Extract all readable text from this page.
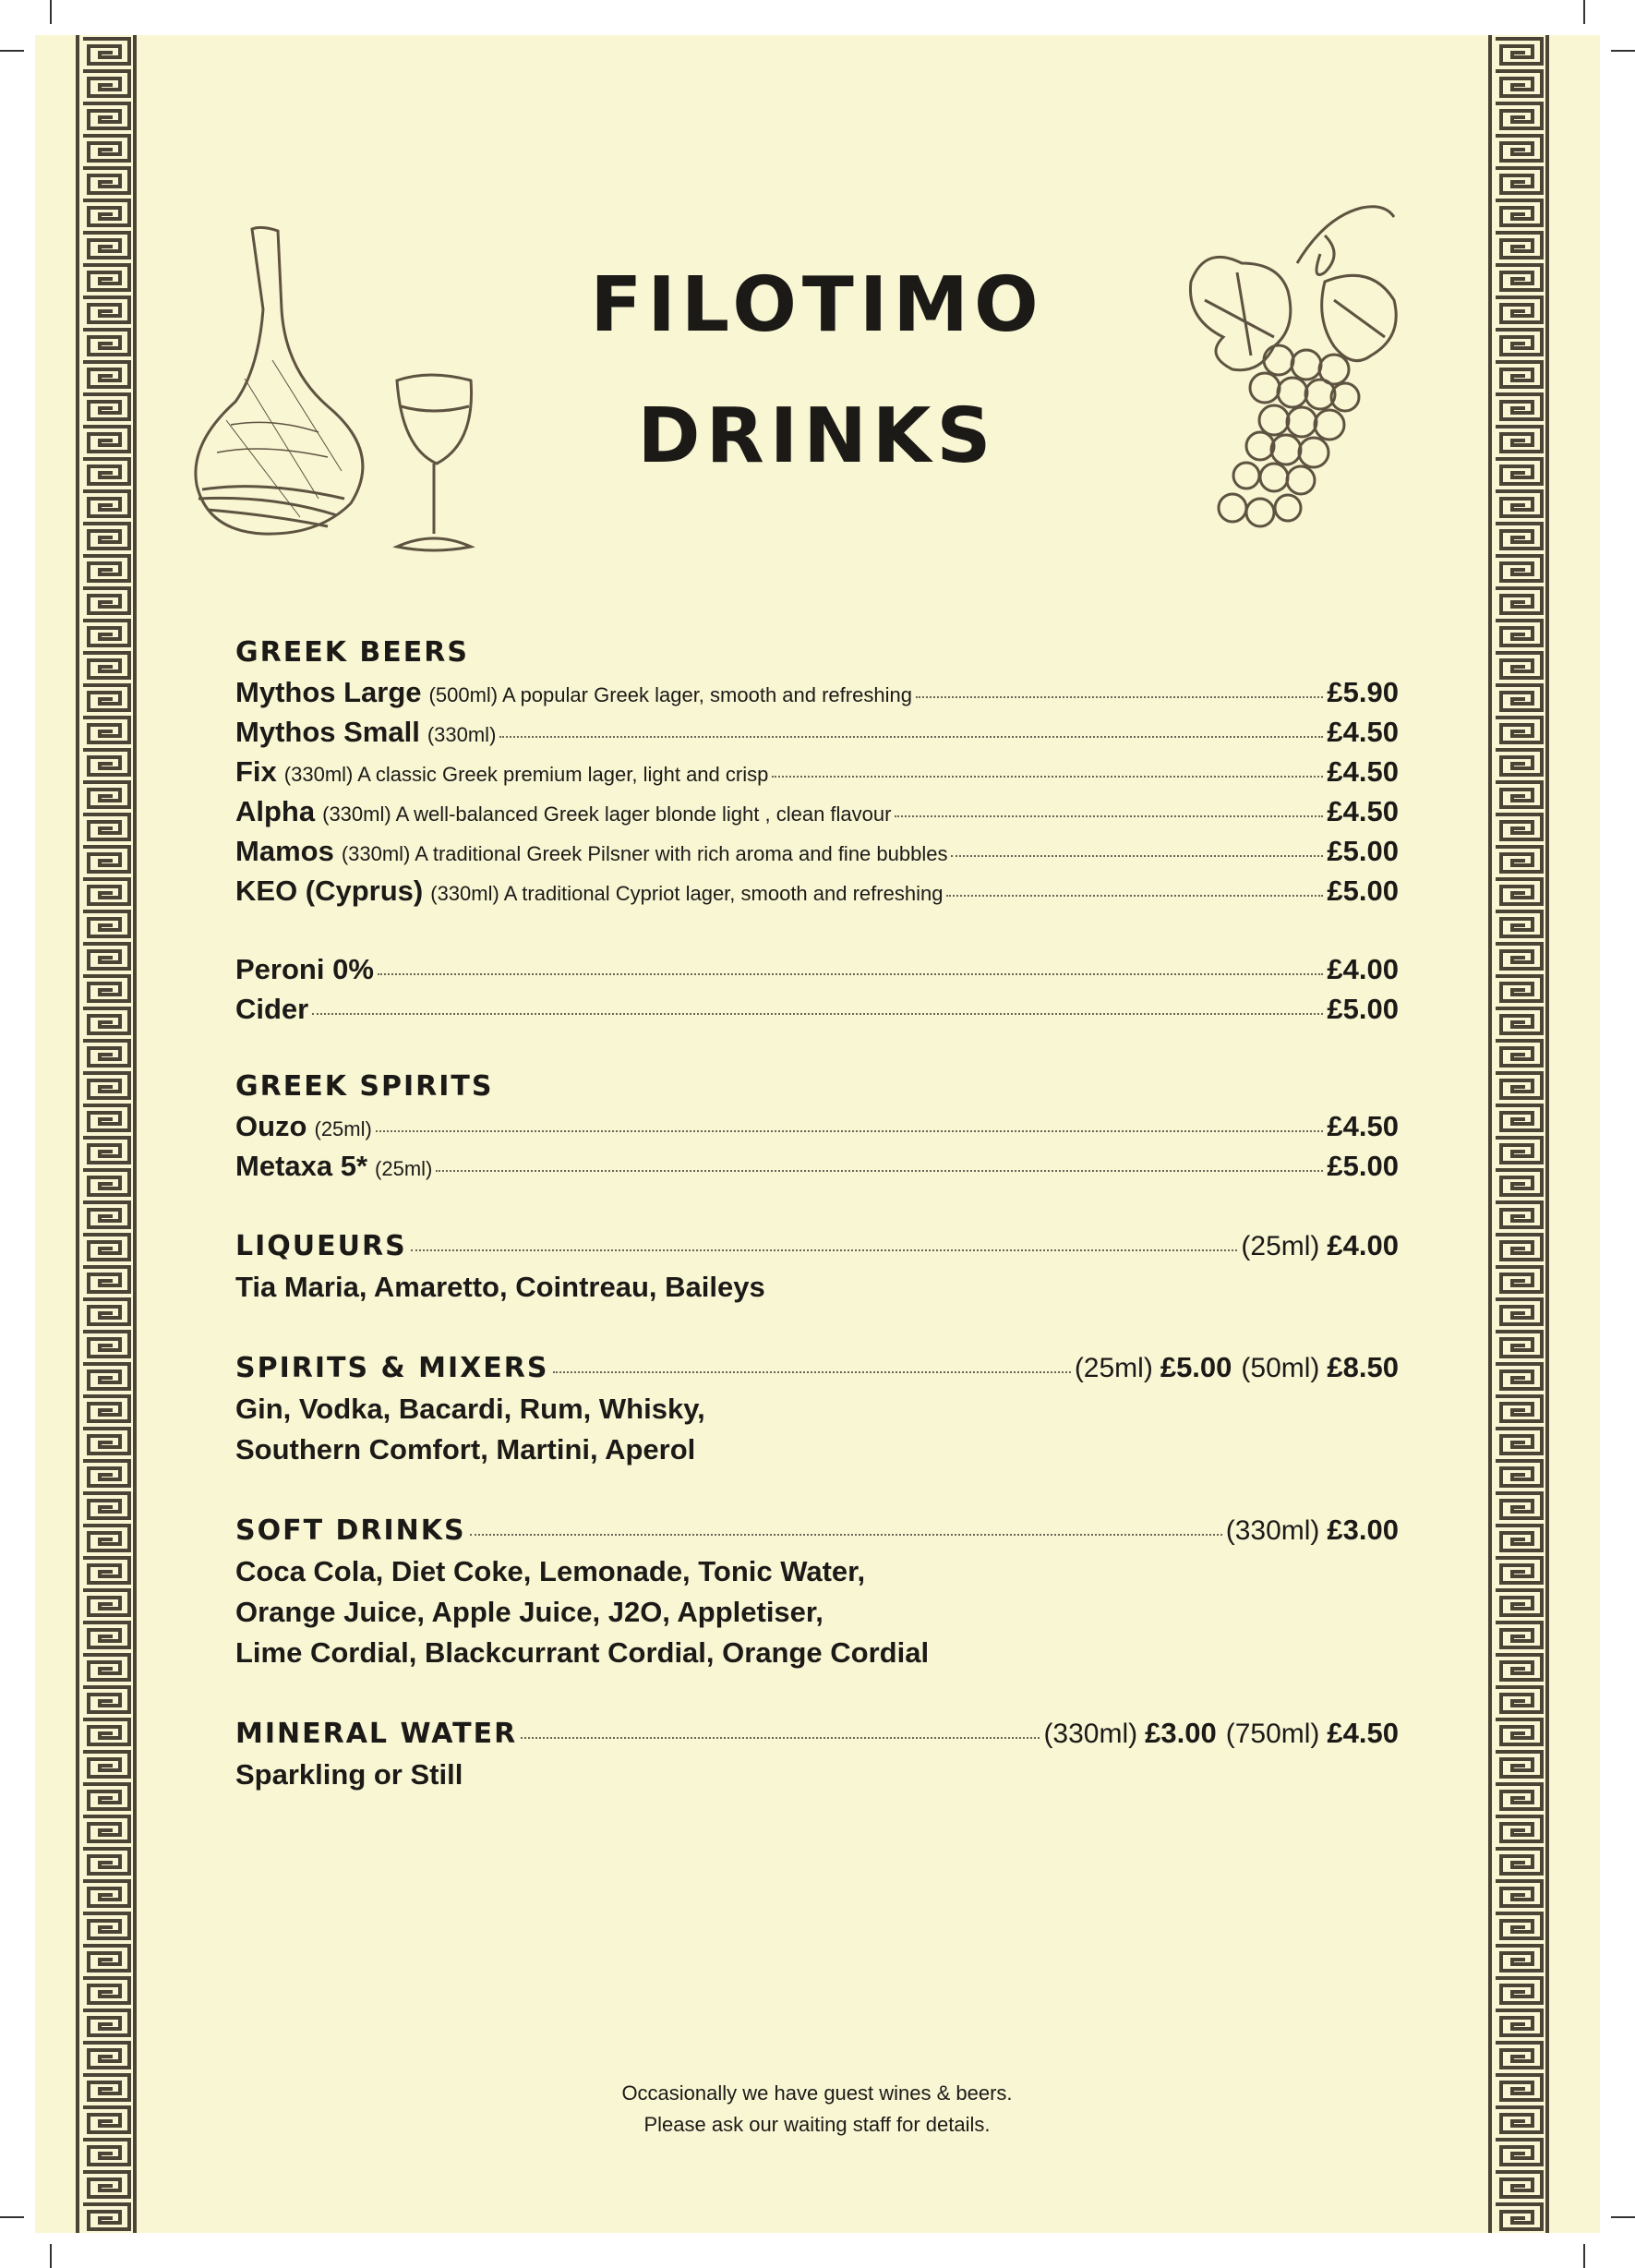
FILOTIMO
DRINKS
GREEK BEERS
Mythos Large (500ml) A popular Greek lager, smooth and refreshing	£5.90
Mythos Small (330ml)	£4.50
Fix (330ml) A classic Greek premium lager, light and crisp	£4.50
Alpha (330ml) A well-balanced Greek lager blonde light , clean flavour	£4.50
Mamos (330ml) A traditional Greek Pilsner with rich aroma and fine bubbles	£5.00
KEO (Cyprus) (330ml) A traditional Cypriot lager, smooth and refreshing	£5.00
Peroni 0%	£4.00
Cider	£5.00
GREEK SPIRITS
Ouzo (25ml)	£4.50
Metaxa 5* (25ml)	£5.00
LIQUEURS	(25ml) £4.00
Tia Maria, Amaretto, Cointreau, Baileys
SPIRITS & MIXERS	(25ml) £5.00 (50ml) £8.50
Gin, Vodka, Bacardi, Rum, Whisky,
Southern Comfort, Martini, Aperol
SOFT DRINKS	(330ml) £3.00
Coca Cola, Diet Coke, Lemonade, Tonic Water,
Orange Juice, Apple Juice, J2O, Appletiser,
Lime Cordial, Blackcurrant Cordial, Orange Cordial
MINERAL WATER	(330ml) £3.00 (750ml) £4.50
Sparkling or Still
Occasionally we have guest wines & beers.
Please ask our waiting staff for details.
